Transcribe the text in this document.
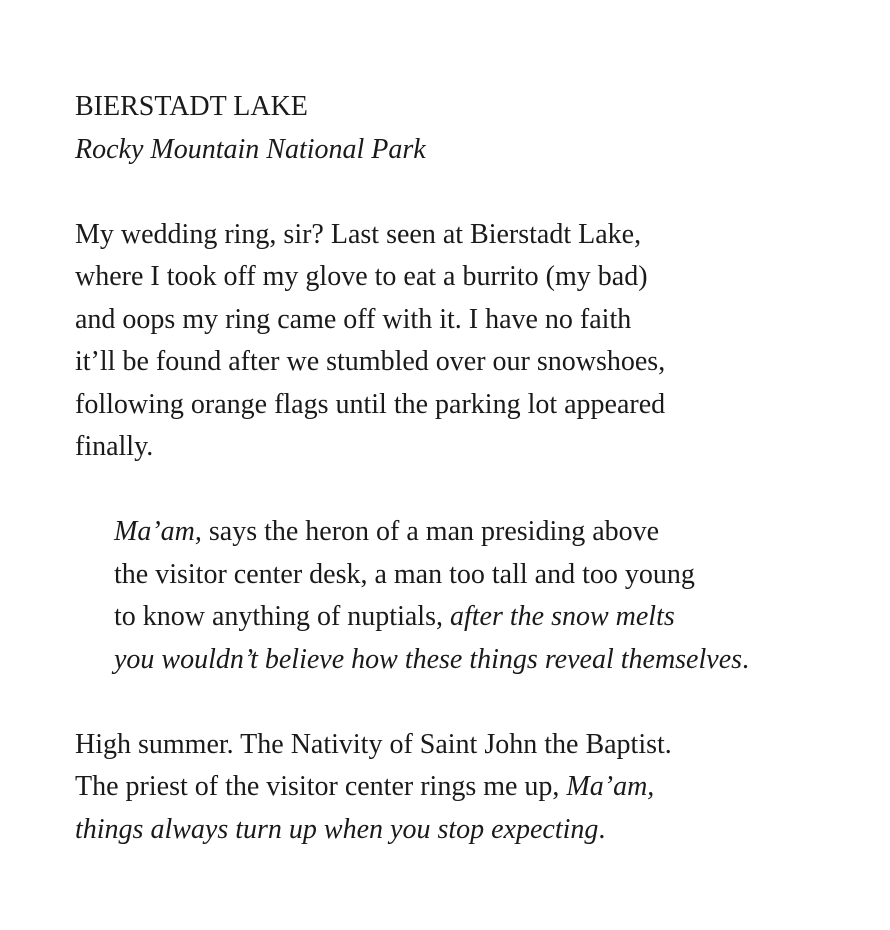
BIERSTADT LAKE
Rocky Mountain National Park
My wedding ring, sir? Last seen at Bierstadt Lake,
where I took off my glove to eat a burrito (my bad)
and oops my ring came off with it. I have no faith
it’ll be found after we stumbled over our snowshoes,
following orange flags until the parking lot appeared
finally.
Ma’am, says the heron of a man presiding above
the visitor center desk, a man too tall and too young
to know anything of nuptials, after the snow melts
you wouldn’t believe how these things reveal themselves.
High summer. The Nativity of Saint John the Baptist.
The priest of the visitor center rings me up, Ma’am,
things always turn up when you stop expecting.
